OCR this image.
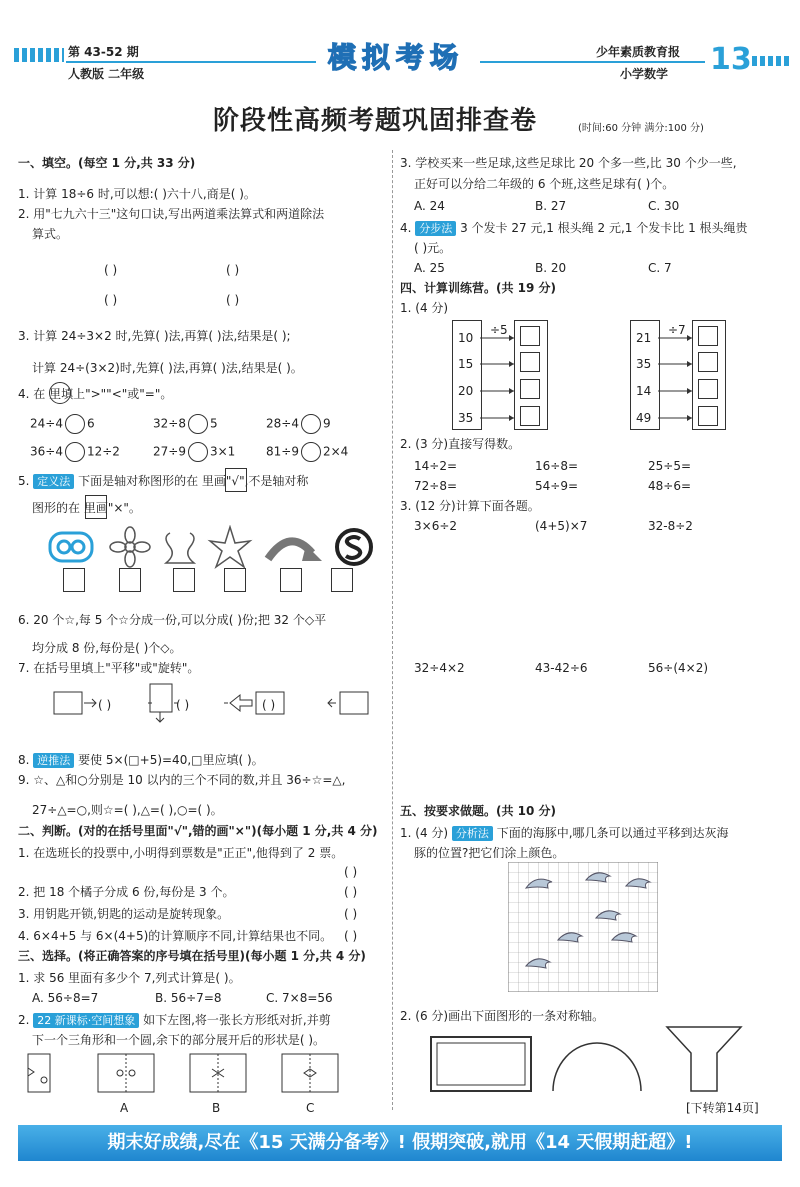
第 43-52 期
人教版 二年级	模拟考场	少年素质教育报
小学数学 13
阶段性高频考题巩固排查卷	(时间:60 分钟 满分:100 分)
一、填空。(每空 1 分,共 33 分)
1. 计算 18÷6 时,可以想:( )六十八,商是( )。
2. 用"七九六十三"这句口诀,写出两道乘法算式和两道除法
算式。
( )	( )
( )	( )
3. 计算 24÷3×2 时,先算( )法,再算( )法,结果是( );
计算 24÷(3×2)时,先算( )法,再算( )法,结果是( )。
4. 在 里填上">""<"或"="。
24÷4 6	32÷8 5	28÷4 9
36÷4 12÷2	27÷9 3×1	81÷9 2×4
5. 定义法 下面是轴对称图形的在 里画"√",不是轴对称
图形的在 里画"×"。
6. 20 个☆,每 5 个☆分成一份,可以分成( )份;把 32 个◇平
均分成 8 份,每份是( )个◇。
7. 在括号里填上"平移"或"旋转"。
( )	( )	( )
8. 逆推法 要使 5×(□+5)=40,□里应填( )。
9. ☆、△和○分别是 10 以内的三个不同的数,并且 36÷☆=△,
27÷△=○,则☆=( ),△=( ),○=( )。
二、判断。(对的在括号里面"√",错的画"×")(每小题 1 分,共 4 分)
1. 在选班长的投票中,小明得到票数是"正正",他得到了 2 票。
( )
2. 把 18 个橘子分成 6 份,每份是 3 个。	( )
3. 用钥匙开锁,钥匙的运动是旋转现象。	( )
4. 6×4+5 与 6×(4+5)的计算顺序不同,计算结果也不同。 ( )
三、选择。(将正确答案的序号填在括号里)(每小题 1 分,共 4 分)
1. 求 56 里面有多少个 7,列式计算是( )。
A. 56÷8=7	B. 56÷7=8	C. 7×8=56
2. 22 新课标·空间想象 如下左图,将一张长方形纸对折,并剪
下一个三角形和一个圆,余下的部分展开后的形状是( )。
A	B	C
3. 学校买来一些足球,这些足球比 20 个多一些,比 30 个少一些,
正好可以分给二年级的 6 个班,这些足球有( )个。
A. 24	B. 27	C. 30
4. 分步法 3 个发卡 27 元,1 根头绳 2 元,1 个发卡比 1 根头绳贵
( )元。
A. 25	B. 20	C. 7
四、计算训练营。(共 19 分)
1. (4 分)
÷5
10
15
20
35
÷7
21
35
14
49
2. (3 分)直接写得数。
14÷2=	16÷8=	25÷5=
72÷8=	54÷9=	48÷6=
3. (12 分)计算下面各题。
3×6÷2	(4+5)×7	32-8÷2
32÷4×2	43-42÷6	56÷(4×2)
五、按要求做题。(共 10 分)
1. (4 分) 分析法 下面的海豚中,哪几条可以通过平移到达灰海
豚的位置?把它们涂上颜色。
2. (6 分)画出下面图形的一条对称轴。
[下转第14页]
期末好成绩,尽在《15 天满分备考》! 假期突破,就用《14 天假期赶超》!
